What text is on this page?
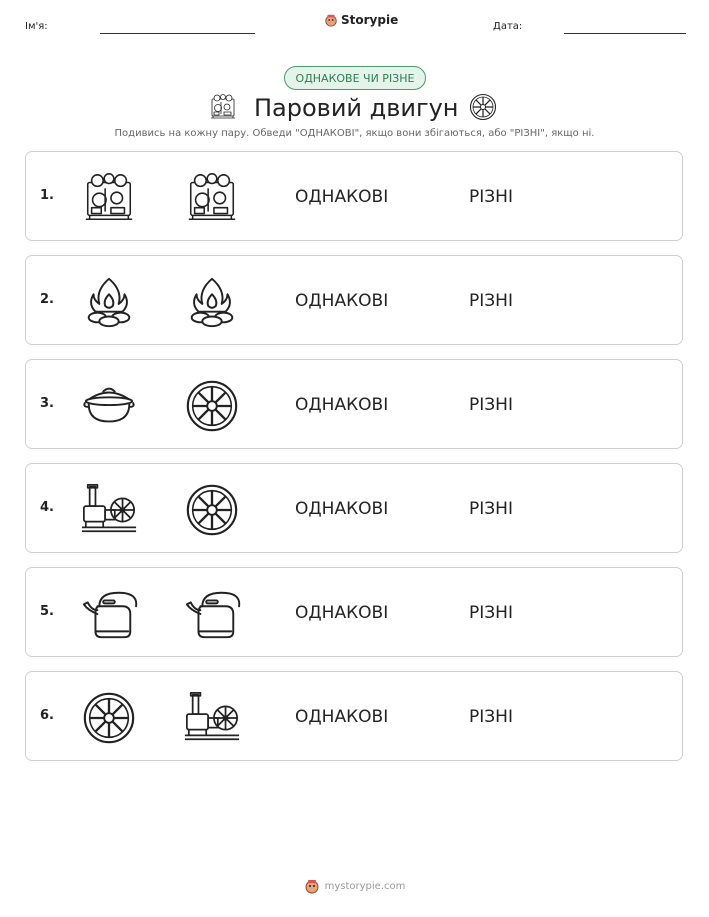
Ім'я:	Storypie	Дата:
ОДНАКОВЕ ЧИ РІЗНЕ
Паровий двигун
Подивись на кожну пару. Обведи "ОДНАКОВІ", якщо вони збігаються, або "РІЗНІ", якщо ні.
1.	ОДНАКОВІ	РІЗНІ
2.	ОДНАКОВІ	РІЗНІ
3.	ОДНАКОВІ	РІЗНІ
4.	ОДНАКОВІ	РІЗНІ
5.	ОДНАКОВІ	РІЗНІ
6.	ОДНАКОВІ	РІЗНІ
mystorypie.com
